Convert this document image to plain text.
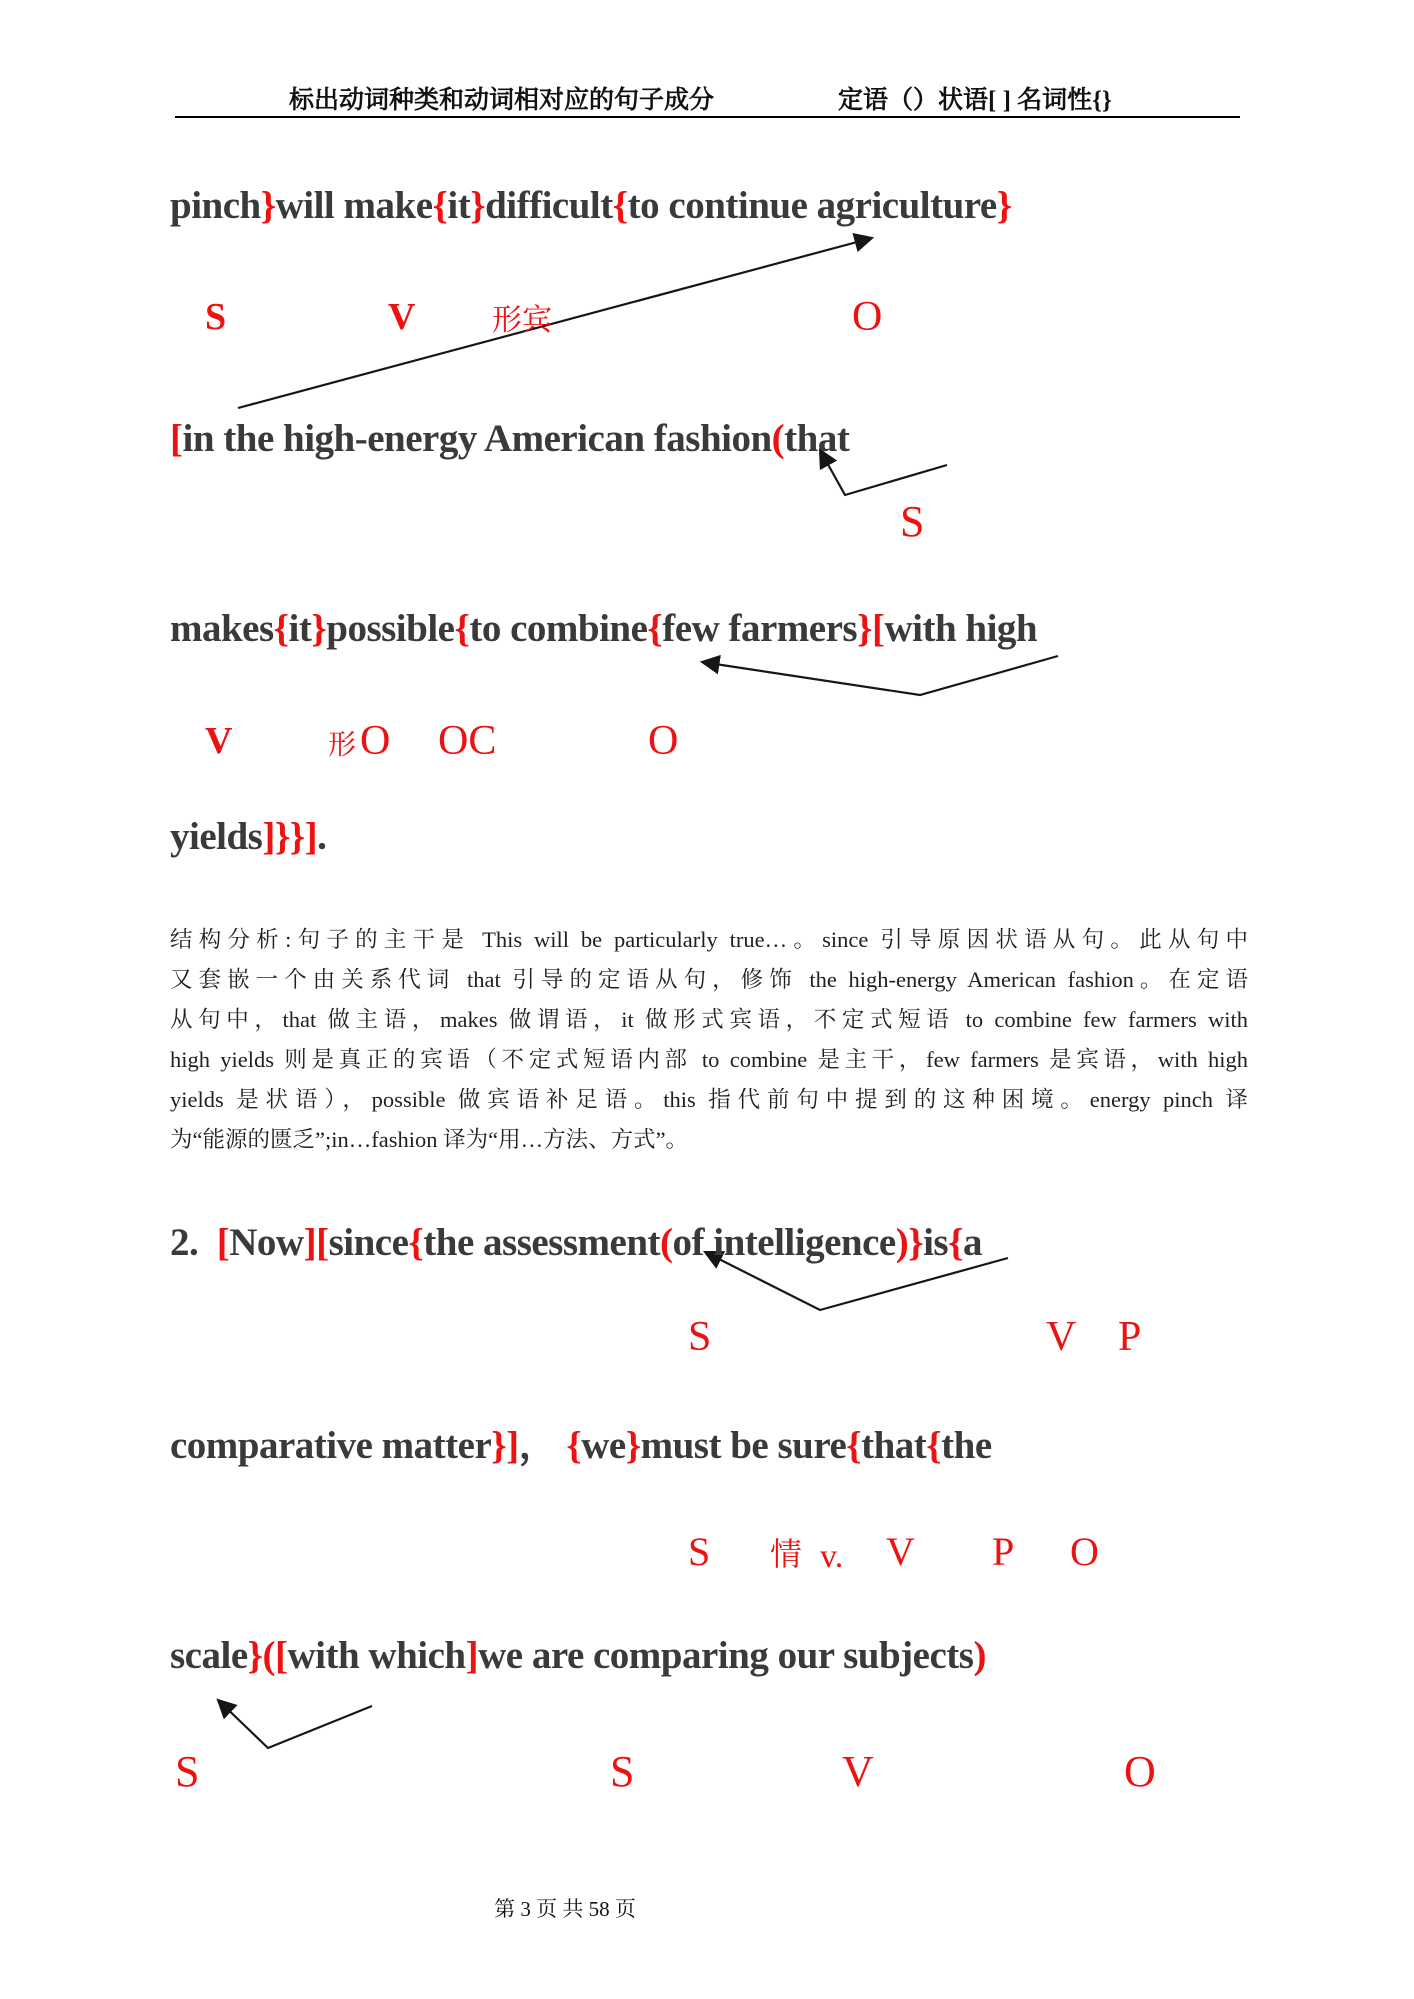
标出动词种类和动词相对应的句子成分	定语（）状语[ ] 名词性{}
pinch}will make{it}difficult{to continue agriculture}
[in the high-energy American fashion(that
makes{it}possible{to combine{few farmers}[with high
yields]}}].
2.  [Now][since{the assessment(of intelligence)}is{a
comparative matter}]， {we}must be sure{that{the
scale}([with which]we are comparing our subjects)
S	V	形宾	O
S
V	形 O OC	O
S	V P
S 情 v. V P O
S	S	V	O
结构分析:句子的主干是 This will be particularly true…。since 引导原因状语从句。此从句中
又套嵌一个由关系代词 that 引导的定语从句，修饰 the high-energy American fashion。在定语
从句中，that 做主语，makes 做谓语，it 做形式宾语，不定式短语 to combine few farmers with
high yields 则是真正的宾语（不定式短语内部 to combine 是主干，few farmers 是宾语，with high
yields 是状语），possible 做宾语补足语。this 指代前句中提到的这种困境。energy pinch 译
为“能源的匮乏”;in…fashion 译为“用…方法、方式”。
第 3 页 共 58 页
